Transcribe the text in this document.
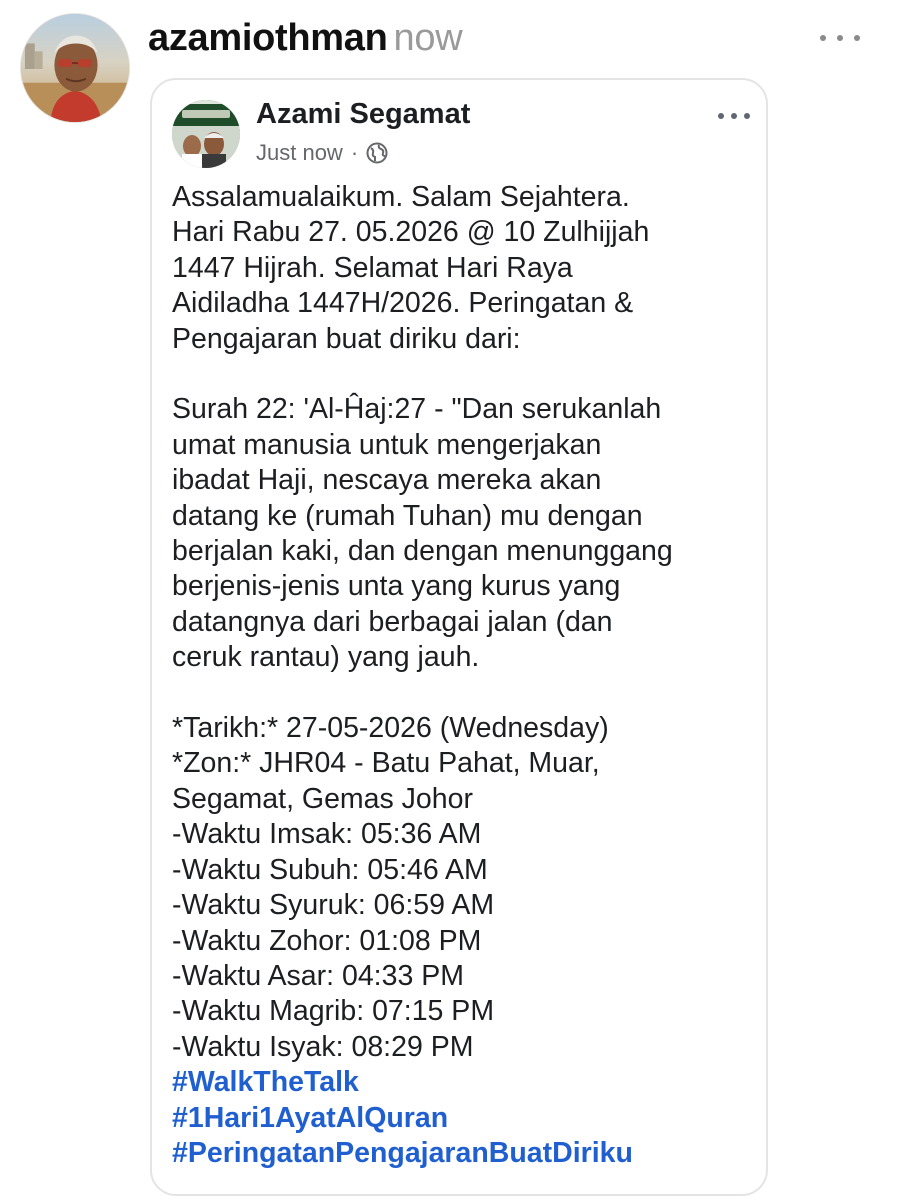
azamiothman now
Azami Segamat
Just now ·
Assalamualaikum. Salam Sejahtera.
Hari Rabu 27. 05.2026 @ 10 Zulhijjah
1447 Hijrah. Selamat Hari Raya
Aidiladha 1447H/2026. Peringatan &
Pengajaran buat diriku dari:
Surah 22: 'Al-Ĥaj:27 - "Dan serukanlah
umat manusia untuk mengerjakan
ibadat Haji, nescaya mereka akan
datang ke (rumah Tuhan) mu dengan
berjalan kaki, dan dengan menunggang
berjenis-jenis unta yang kurus yang
datangnya dari berbagai jalan (dan
ceruk rantau) yang jauh.
*Tarikh:* 27-05-2026 (Wednesday)
*Zon:* JHR04 - Batu Pahat, Muar,
Segamat, Gemas Johor
-Waktu Imsak: 05:36 AM
-Waktu Subuh: 05:46 AM
-Waktu Syuruk: 06:59 AM
-Waktu Zohor: 01:08 PM
-Waktu Asar: 04:33 PM
-Waktu Magrib: 07:15 PM
-Waktu Isyak: 08:29 PM
#WalkTheTalk
#1Hari1AyatAlQuran
#PeringatanPengajaranBuatDiriku
